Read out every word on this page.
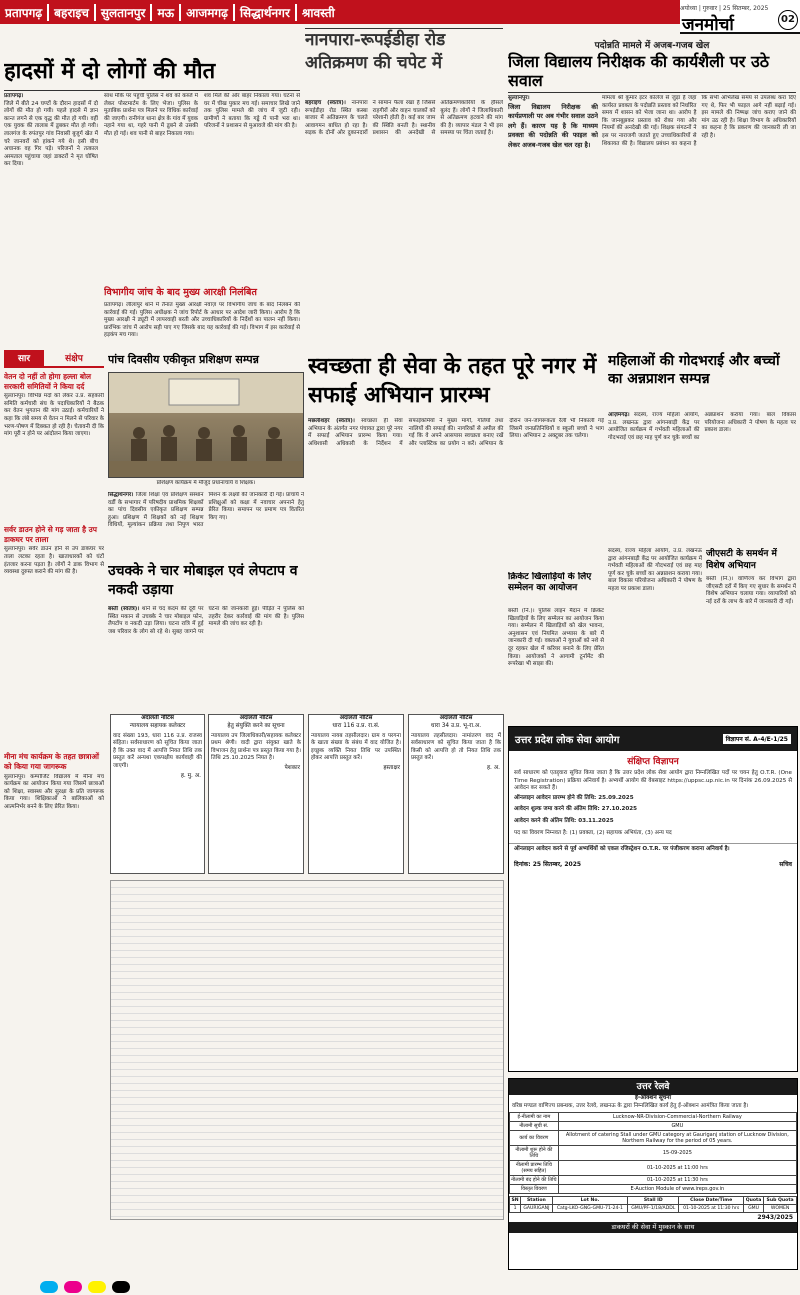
प्रतापगढ़	बहराइच	सुलतानपुर	मऊ	आजमगढ़	सिद्धार्थनगर	श्रावस्ती	अयोध्या | गुरुवार | 25 सितम्बर, 2025
जनमोर्चा	02
हादसों में दो लोगों की मौत
प्रतापगढ़।
जिले में बीते 24 घण्टों के दौरान हादसों में दो लोगों की मौत हो गयी। पहले हादसे में ज्ञान कान्त लगने से एक वृद्ध की मौत हो गयी। वहीं एक युवक की तालाब में डूबकर मौत हो गयी। लालगंज के रुपंतपुर गांव निवासी बुजुर्ग खेत में चरे जानवरों को हांकने गये थे। इसी बीच अचानक वह गिर पड़े। परिजनों ने तत्काल अस्पताल पहुंचाया जहां डाक्टरों ने मृत घोषित कर दिया।
साथ मौके पर पहुंची पुलिस ने शव को कब्जे में लेकर पोस्टमार्टम के लिए भेजा। पुलिस के मुताबिक प्रार्थना पत्र मिलने पर विधिक कार्रवाई की जाएगी। रानीगंज थाना क्षेत्र के गांव में युवक नहाने गया था, गहरे पानी में डूबने से उसकी मौत हो गई। शव पानी से बाहर निकाला गया।
शव मिले की ओर बाहर निकाला गया। घटना से घर में चीख पुकार मच गई। समाचार लिखे जाने तक पुलिस मामले की जांच में जुटी रही। ग्रामीणों ने बताया कि गड्ढे में पानी भरा था। परिजनों ने प्रशासन से मुआवजे की मांग की है।
विभागीय जांच के बाद मुख्य आरक्षी निलंबित
प्रतापगढ़। लीलापुर थाने में तैनात मुख्य आरक्षी नवाज़ पर विभागीय जांच के बाद निलंबन की कार्रवाई की गई। पुलिस अधीक्षक ने जांच रिपोर्ट के आधार पर आदेश जारी किया। आरोप है कि मुख्य आरक्षी ने ड्यूटी में लापरवाही बरती और उच्चाधिकारियों के निर्देशों का पालन नहीं किया। प्रारंभिक जांच में आरोप सही पाए गए जिसके बाद यह कार्रवाई की गई। विभाग में इस कार्रवाई से हड़कंप मच गया।
नानपारा-रूपईडीहा रोड
अतिक्रमण की चपेट में
बहराइच (स्वतंत्र)। नानपारा रूपईडीहा रोड स्थित कस्बा बाजार में अतिक्रमण के चलते आवागमन बाधित हो रहा है। सड़क के दोनों ओर दुकानदारों ने सामान फैला रखा है जिससे राहगीरों और वाहन चालकों को परेशानी होती है। कई बार जाम की स्थिति बनती है। स्थानीय प्रशासन की अनदेखी से अतिक्रमणकारियों के हौसले बुलंद हैं। लोगों ने जिलाधिकारी से अतिक्रमण हटवाने की मांग की है। व्यापार मंडल ने भी इस समस्या पर चिंता जताई है।
पदोन्नति मामले में अजब-गजब खेल
जिला विद्यालय निरीक्षक की कार्यशैली पर उठे सवाल
सुल्तानपुर।
जिला विद्यालय निरीक्षक की कार्यप्रणाली पर अब गंभीर सवाल उठने लगे हैं। कारण यह है कि माध्यम प्रवक्ता की पदोन्नति की फाइल को लेकर अजब-गजब खेल चल रहा है।
मामला श्री कुमार इंटर कॉलेज से जुड़ा है जहां कार्यरत प्रवक्ता के पदोन्नति प्रस्ताव को निर्धारित समय में शासन को भेजा जाना था। आरोप है कि जानबूझकर प्रस्ताव को रोका गया और नियमों की अनदेखी की गई। शिक्षक संगठनों ने इस पर नाराजगी जताते हुए उच्चाधिकारियों से शिकायत की है। विद्यालय प्रबंधन का कहना है कि सभी अभिलेख समय से उपलब्ध करा दिए गए थे, फिर भी फाइल आगे नहीं बढ़ाई गई। इस मामले की निष्पक्ष जांच कराए जाने की मांग उठ रही है। शिक्षा विभाग के अधिकारियों का कहना है कि प्रकरण की जानकारी ली जा रही है।
सार	संक्षेप
वेतन दो नहीं तो होगा हल्ला बोल सरकारी समितियों ने किया दर्द
सुल्तानपुर। विभिन्न मदों को लेकर उ.प्र. सहकारी समिति कर्मचारी संघ के पदाधिकारियों ने बैठक कर वेतन भुगतान की मांग उठाई। कर्मचारियों ने कहा कि लंबे समय से वेतन न मिलने से परिवार के भरण-पोषण में दिक्कत हो रही है। चेतावनी दी कि मांग पूरी न होने पर आंदोलन किया जाएगा।
सर्वर डाउन होने से गड़ जाता है उप डाकघर पर ताला
सुल्तानपुर। सर्वर डाउन होने से उप डाकघर पर ताला लटका रहता है। खाताधारकों को घंटों इंतजार करना पड़ता है। लोगों ने डाक विभाग से व्यवस्था दुरुस्त कराने की मांग की है।
मीना मंच कार्यक्रम के तहत छात्राओं को किया गया जागरूक
सुल्तानपुर। कम्पोजिट विद्यालय में मीना मंच कार्यक्रम का आयोजन किया गया जिसमें छात्राओं को शिक्षा, स्वास्थ्य और सुरक्षा के प्रति जागरूक किया गया। शिक्षिकाओं ने बालिकाओं को आत्मनिर्भर बनने के लिए प्रेरित किया।
पांच दिवसीय एकीकृत प्रशिक्षण सम्पन्न
प्रशिक्षण कार्यक्रम में मौजूद प्रधानाचार्य व शिक्षक।
सिद्धार्थनगर। जिला शिक्षा एवं प्रशिक्षण संस्थान वर्डी के सभागार में परिषदीय प्राथमिक शिक्षकों का पांच दिवसीय एकीकृत प्रशिक्षण सम्पन्न हुआ। प्रशिक्षण में शिक्षकों को नई शिक्षण विधियों, मूल्यांकन प्रक्रिया तथा निपुण भारत मिशन के लक्ष्यों की जानकारी दी गई। प्राचार्य ने प्रशिक्षुओं को कक्षा में नवाचार अपनाने हेतु प्रेरित किया। समापन पर प्रमाण पत्र वितरित किए गए।
उचक्के ने चार मोबाइल एवं लेपटाप व नकदी उड़ाया
बस्ती (स्वतंत्र)। थाने से चंद कदम की दूरी पर स्थित मकान से उचक्के ने चार मोबाइल फोन, लैपटॉप व नकदी उड़ा लिया। घटना रात्रि में हुई जब परिवार के लोग सो रहे थे। सुबह जागने पर घटना की जानकारी हुई। पीड़ित ने पुलिस को तहरीर देकर कार्रवाई की मांग की है। पुलिस मामले की जांच कर रही है।
स्वच्छता ही सेवा के तहत पूरे नगर में सफाई अभियान प्रारम्भ
मछलीशहर (स्वतंत्र)। स्वच्छता ही सेवा अभियान के अंतर्गत नगर पंचायत द्वारा पूरे नगर में सफाई अभियान प्रारम्भ किया गया। अधिशासी अधिकारी के निर्देशन में सफाईकर्मियों ने मुख्य मार्गों, गलियों तथा नालियों की सफाई की। नागरिकों से अपील की गई कि वे अपने आसपास स्वच्छता बनाए रखें और प्लास्टिक का प्रयोग न करें। अभियान के दौरान जन-जागरूकता रैली भी निकाली गई जिसमें जनप्रतिनिधियों व स्कूली बच्चों ने भाग लिया। अभियान 2 अक्टूबर तक चलेगा।
क्रिकेट खिलाड़ियों के लिए सम्मेलन का आयोजन
बस्ती (नि.)। पुलिस लाइन मैदान में क्रिकेट खिलाड़ियों के लिए सम्मेलन का आयोजन किया गया। सम्मेलन में खिलाड़ियों को खेल भावना, अनुशासन एवं नियमित अभ्यास के बारे में जानकारी दी गई। वक्ताओं ने युवाओं को नशे से दूर रहकर खेल में करियर बनाने के लिए प्रेरित किया। आयोजकों ने आगामी टूर्नामेंट की रूपरेखा भी साझा की।
महिलाओं की गोदभराई और बच्चों का अन्नप्राशन सम्पन्न
आज़मगढ़। सदस्य, राज्य महिला आयोग, उ.प्र. लखनऊ द्वारा आंगनबाड़ी केंद्र पर आयोजित कार्यक्रम में गर्भवती महिलाओं की गोदभराई एवं छह माह पूर्ण कर चुके बच्चों का अन्नप्राशन कराया गया। बाल विकास परियोजना अधिकारी ने पोषण के महत्व पर प्रकाश डाला।
जीएसटी के समर्थन में विशेष अभियान
बस्ती (नि.)। वाणिज्य कर विभाग द्वारा जीएसटी दरों में किए गए सुधार के समर्थन में विशेष अभियान चलाया गया। व्यापारियों को नई दरों के लाभ के बारे में जानकारी दी गई।
सदस्य, राज्य महिला आयोग, उ.प्र. लखनऊ द्वारा आंगनबाड़ी केंद्र पर आयोजित कार्यक्रम में गर्भवती महिलाओं की गोदभराई एवं छह माह पूर्ण कर चुके बच्चों का अन्नप्राशन कराया गया। बाल विकास परियोजना अधिकारी ने पोषण के महत्व पर प्रकाश डाला।
अदालती नोटिस
न्यायालय सहायक कलेक्टर
वाद संख्या 193, धारा 116 उ.प्र. राजस्व संहिता। सर्वसाधारण को सूचित किया जाता है कि उक्त वाद में आपत्ति नियत तिथि तक प्रस्तुत करें अन्यथा एकपक्षीय कार्यवाही की जाएगी।
ह. मु. अ.
अदालती नोटिस
हेतु संयुक्ति करने का सूचना
न्यायालय उप जिलाधिकारी/सहायक कलेक्टर प्रथम श्रेणी। वादी द्वारा संयुक्त खाते के विभाजन हेतु प्रार्थना पत्र प्रस्तुत किया गया है। तिथि 25.10.2025 नियत है।
पेशकार
अदालती नोटिस
धारा 116 उ.प्र. रा.सं.
न्यायालय नायब तहसीलदार। ग्राम व परगना के खाता संख्या के संबंध में वाद योजित है। इच्छुक व्यक्ति नियत तिथि पर उपस्थित होकर आपत्ति प्रस्तुत करें।
हस्ताक्षर
अदालती नोटिस
धारा 34 उ.प्र. भू-रा.अ.
न्यायालय तहसीलदार। नामांतरण वाद में सर्वसाधारण को सूचित किया जाता है कि किसी को आपत्ति हो तो नियत तिथि तक प्रस्तुत करें।
ह. अ.
उत्तर प्रदेश लोक सेवा आयोग	विज्ञापन सं. A-4/E-1/25
संक्षिप्त विज्ञापन
सर्व साधारण को एतद्द्वारा सूचित किया जाता है कि उत्तर प्रदेश लोक सेवा आयोग द्वारा निम्नलिखित पदों पर चयन हेतु O.T.R. (One Time Registration) प्रक्रिया अनिवार्य है। अभ्यर्थी आयोग की वेबसाइट https://uppsc.up.nic.in पर दिनांक 26.09.2025 से आवेदन कर सकते हैं।
ऑनलाइन आवेदन प्रारम्भ होने की तिथि: 25.09.2025
आवेदन शुल्क जमा करने की अंतिम तिथि: 27.10.2025
आवेदन करने की अंतिम तिथि: 03.11.2025
पद का विवरण निम्नवत है: (1) प्रवक्ता, (2) सहायक अभियंता, (3) अन्य पद
ऑनलाइन आवेदन करने से पूर्व अभ्यर्थियों को एकल रजिस्ट्रेशन O.T.R. पर पंजीकरण कराना अनिवार्य है।
दिनांक: 25 सितम्बर, 2025	सचिव
उत्तर रेलवे
ई-ऑक्शन सूचना
वरिष्ठ मण्डल वाणिज्य प्रबन्धक, उत्तर रेलवे, लखनऊ के द्वारा निम्नलिखित कार्य हेतु ई-ऑक्शन आमंत्रित किया जाता है।
ई-नीलामी का नाम	Lucknow-NR-Division-Commercial-Northern Railway
नीलामी सूची सं.	GMU
कार्य का विवरण	Allotment of catering Stall under GMU category at Gauriganj station of Lucknow Division, Northern Railway for the period of 05 years.
नीलामी शुरू होने की तिथि	15-09-2025
नीलामी प्रारम्भ तिथि (समय सहित)	01-10-2025 at 11:00 hrs
नीलामी बंद होने की तिथि	01-10-2025 at 11:30 hrs
विस्तृत विवरण	E-Auction Module of www.ireps.gov.in
SN	Station	Lot No.	Stall ID	Close Date/Time	Quota	Sub Quota
1	GAURIGANJ	Catg-LKO-GNG-GMU-71-24-1	GMU/PF-1/18/ADDL	01-10-2025 at 11:30 hrs	GMU	WOMEN
2943/2025
डाकघरों की सेवा में मुस्कान के साथ
